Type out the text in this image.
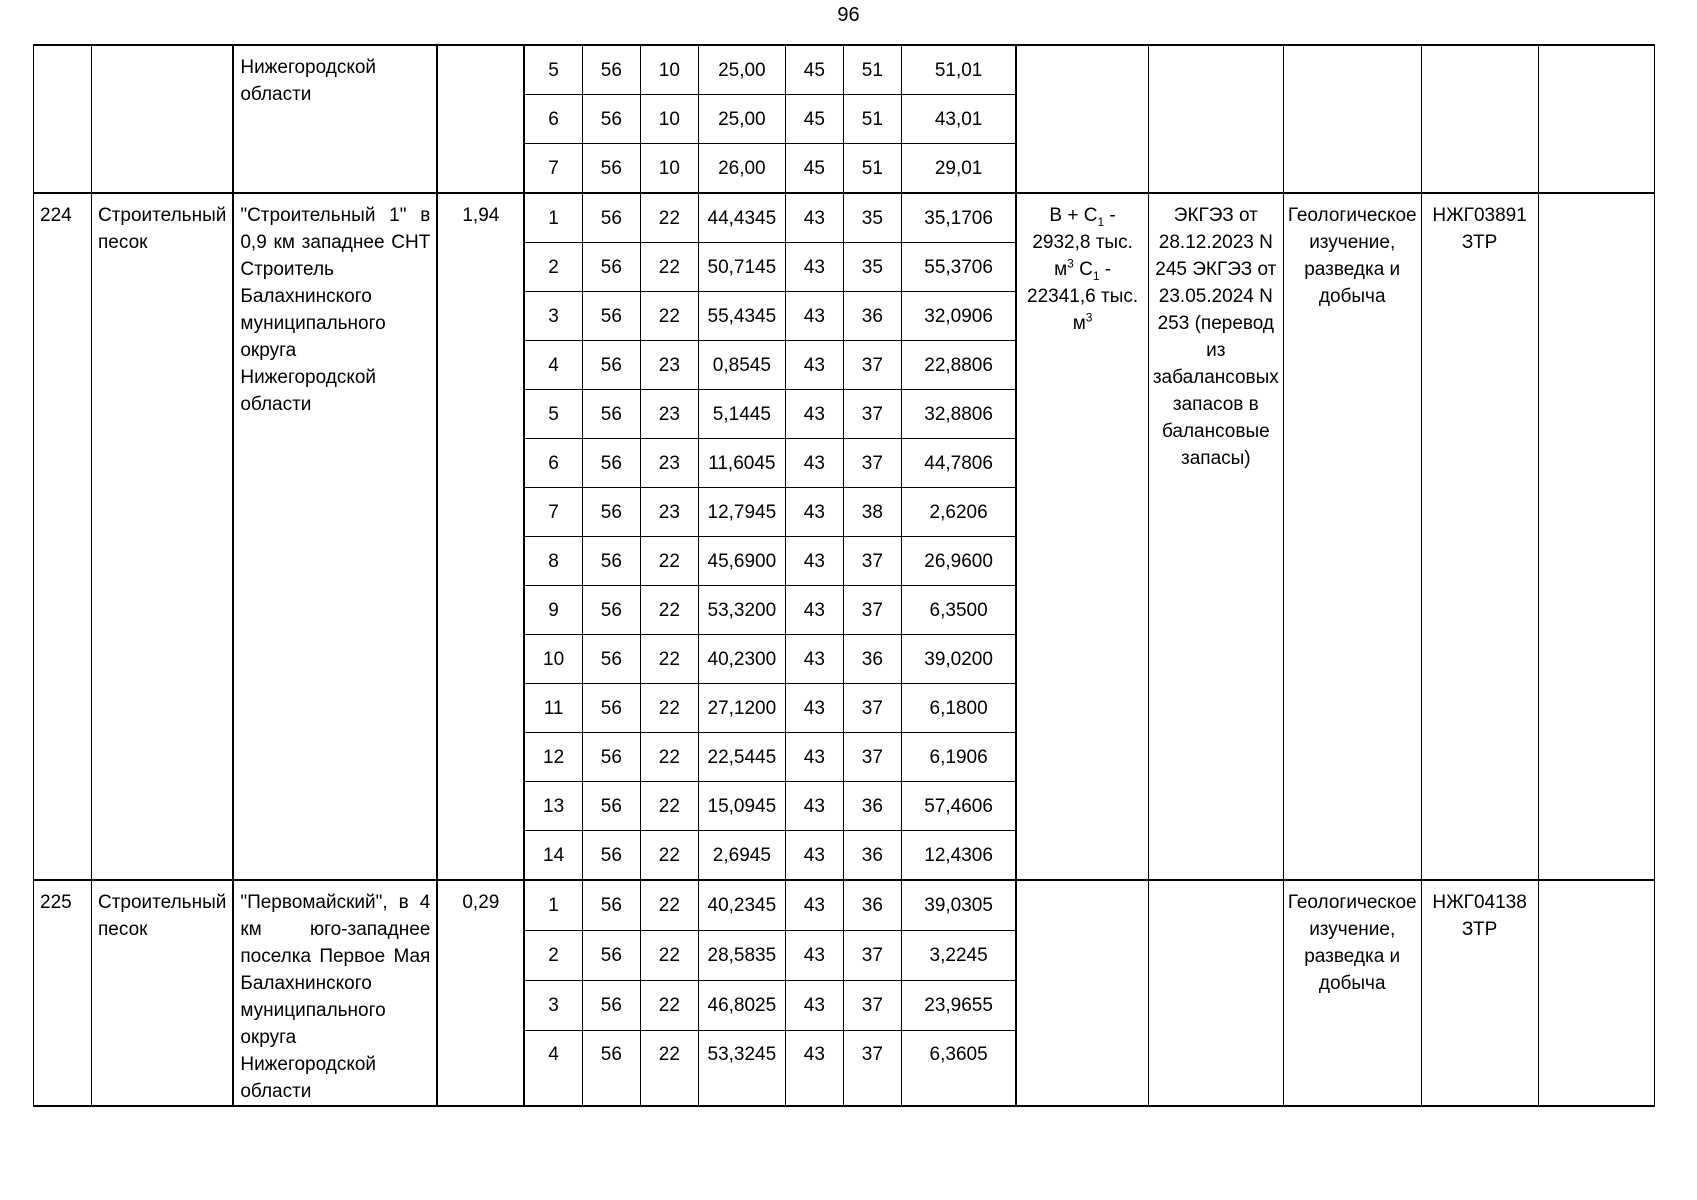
96

		Нижегородской области		5	56	10	25,00	45	51	51,01					

				6	56	10	25,00	45	51	43,01					

				7	56	10	26,00	45	51	29,01					

224	Строительный песок	"Строительный 1" в 0,9 км западнее СНТ Строитель Балахнинского муниципального округа Нижегородской области	1,94	1	56	22	44,4345	43	35	35,1706	$B + C_1 - 2932,8$ тыс. $м^3$ $C_1 - 22341,6$ тыс. $м^3$	ЭКГЭЗ от 28.12.2023 N 245 ЭКГЭЗ от 23.05.2024 N 253 (перевод из забалансовых запасов в балансовые запасы)	Геологическое изучение, разведка и добыча	НЖГ03891 ЗТР	

				2	56	22	50,7145	43	35	55,3706					

				3	56	22	55,4345	43	36	32,0906					

				4	56	23	0,8545	43	37	22,8806					

				5	56	23	5,1445	43	37	32,8806					

				6	56	23	11,6045	43	37	44,7806					

				7	56	23	12,7945	43	38	2,6206					

				8	56	22	45,6900	43	37	26,9600					

				9	56	22	53,3200	43	37	6,3500					

				10	56	22	40,2300	43	36	39,0200					

				11	56	22	27,1200	43	37	6,1800					

				12	56	22	22,5445	43	37	6,1906					

				13	56	22	15,0945	43	36	57,4606					

				14	56	22	2,6945	43	36	12,4306					

225	Строительный песок	"Первомайский", в 4 км юго-западнее поселка Первое Мая Балахнинского муниципального округа Нижегородской области	0,29	1	56	22	40,2345	43	36	39,0305			Геологическое изучение, разведка и добыча	НЖГ04138 ЗТР	

				2	56	22	28,5835	43	37	3,2245					

				3	56	22	46,8025	43	37	23,9655					

				4	56	22	53,3245	43	37	6,3605					
